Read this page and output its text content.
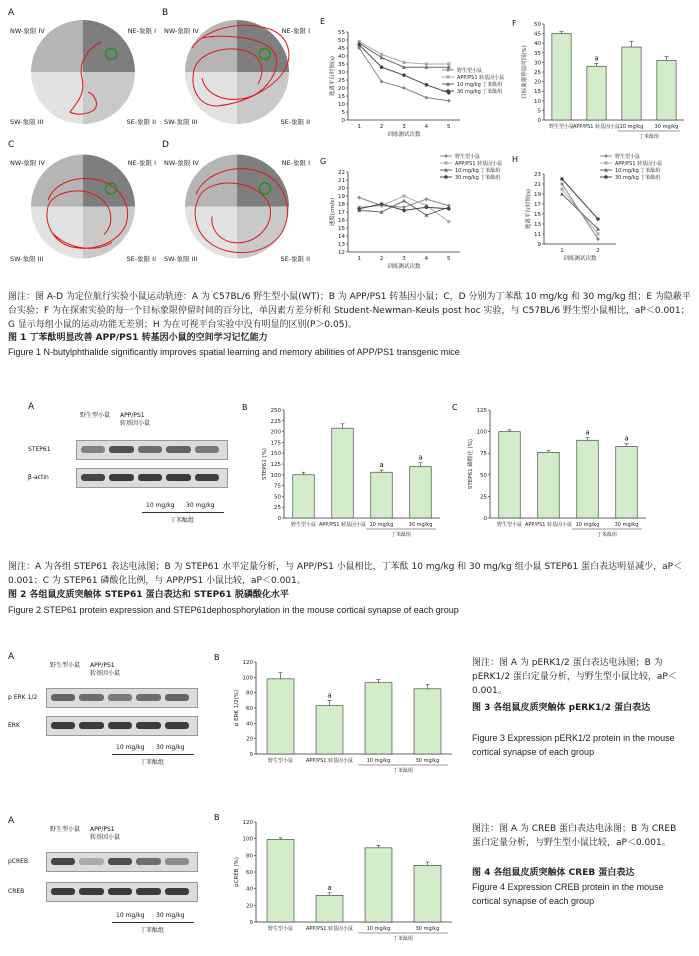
A
NW-象限 IV	NE-象限 I
SW-象限 III	SE-象限 II
B
NW-象限 IV	NE-象限 I
SW-象限 III	SE-象限 II
C
NW-象限 IV	NE-象限 I
SW-象限 III	SE-象限 II
D
NW-象限 IV	NE-象限 I
SW-象限 III	SE-象限 II
0
5
10
15
20
25
30
35
40
45
50
55
1	2	3	4	5
训练测试次数
逃离平台时间(s)	野生型小鼠
APP/PS1 转基因小鼠
10 mg/kg 丁苯酞组
30 mg/kg 丁苯酞组
E
0
5
10
15
20
25
30
35
40
45
50
目标象限停留时间(%)
野生型小鼠
a
APP/PS1 转基因小鼠 10 mg/kg 30 mg/kg
丁苯酞组
F
12
13
14
15
16
17
18
19
20
21
22
1	2	3	4	5
训练测试次数
速度(cm/s)
野生型小鼠
APP/PS1 转基因小鼠
10 mg/kg 丁苯酞组
30 mg/kg 丁苯酞组
G
9
11
13
15
17
19
21
23
1	2
训练测试次数
逃离平台时间(s)
野生型小鼠
APP/PS1 转基因小鼠
10 mg/kg 丁苯酞组
30 mg/kg 丁苯酞组
H
图注：图 A-D 为定位航行实验小鼠运动轨迹：A 为 C57BL/6 野生型小鼠(WT)；B 为 APP/PS1 转基因小鼠；C，D 分别为丁苯酞 10 mg/kg 和 30 mg/kg 组；E 为隐蔽平台实验；F 为在探索实验的每一个目标象限停留时间的百分比，单因素方差分析和 Student-Newman-Keuls post hoc 实验，与 C57BL/6 野生型小鼠相比，aP＜0.001；G 显示每组小鼠的运动功能无差别；H 为在可视平台实验中没有明显的区别(P＞0.05)。
图 1 丁苯酞明显改善 APP/PS1 转基因小鼠的空间学习记忆能力
Figure 1 N-butylphthalide significantly improves spatial learning and memory abilities of APP/PS1 transgenic mice
A
野生型小鼠 APP/PS1
转基因小鼠
STEP61
β-actin
10 mg/kg 30 mg/kg
丁苯酞组	0
25
50
75
100
125
150
175
200
225
250
STEP61 (%)
野生型小鼠 APP/PS1 转基因小鼠
a
10 mg/kg
a
30 mg/kg
丁苯酞组
B
0
25
50
75
100
125
STEP61 磷酸化 (%)
野生型小鼠 APP/PS1 转基因小鼠
a
10 mg/kg
a
30 mg/kg
丁苯酞组
C
图注：A 为各组 STEP61 表达电泳图；B 为 STEP61 水平定量分析，与 APP/PS1 小鼠相比，丁苯酞 10 mg/kg 和 30 mg/kg 组小鼠 STEP61 蛋白表达明显减少，aP＜0.001；C 为 STEP61 磷酸化比例，与 APP/PS1 小鼠比较，aP＜0.001。
图 2 各组鼠皮质突触体 STEP61 蛋白表达和 STEP61 脱磷酸化水平
Figure 2 STEP61 protein expression and STEP61dephosphorylation in the mouse cortical synapse of each group
A
野生型小鼠 APP/PS1
转基因小鼠
p ERK 1/2
ERK
10 mg/kg 30 mg/kg
丁苯酞组
0
20
40
60
80
100
120
p ERK 1/2(%)
野生型小鼠
a
APP/PS1 转基因小鼠	10 mg/kg	30 mg/kg
丁苯酞组
B
图注：图 A 为 pERK1/2 蛋白表达电泳图；B 为 pERK1/2 蛋白定量分析，与野生型小鼠比较，aP＜0.001。
图 3 各组鼠皮质突触体 pERK1/2 蛋白表达
Figure 3 Expression pERK1/2 protein in the mouse cortical synapse of each group
A
野生型小鼠 APP/PS1
转基因小鼠
pCREB
CREB
10 mg/kg 30 mg/kg
丁苯酞组
0
20
40
60
80
100
120
pCREB (%)
野生型小鼠
a
APP/PS1 转基因小鼠	10 mg/kg	30 mg/kg
丁苯酞组
B
图注：图 A 为 CREB 蛋白表达电泳图；B 为 CREB 蛋白定量分析，与野生型小鼠比较，aP＜0.001。
图 4 各组鼠皮质突触体 CREB 蛋白表达
Figure 4 Expression CREB protein in the mouse cortical synapse of each group
